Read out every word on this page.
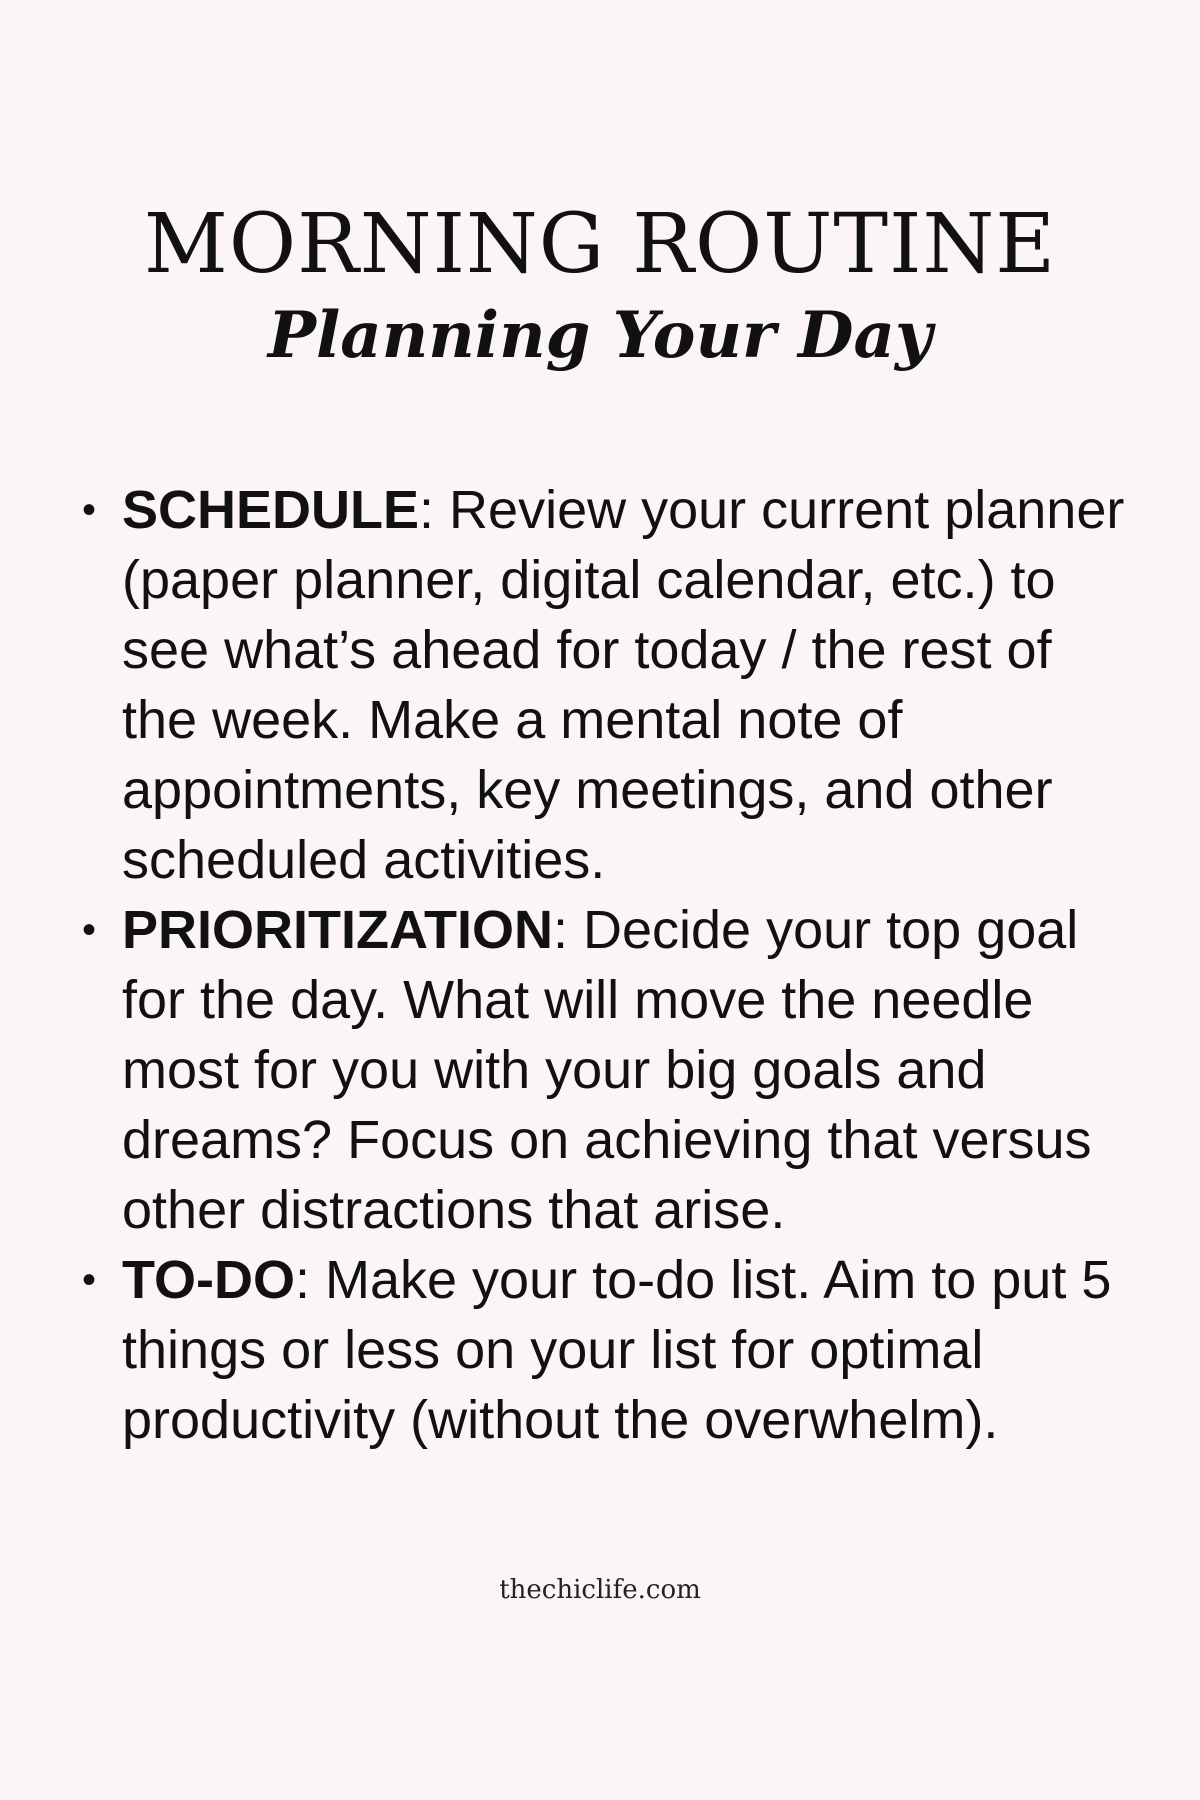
MORNING ROUTINE
Planning Your Day
• SCHEDULE: Review your current planner (paper planner, digital calendar, etc.) to see what’s ahead for today / the rest of the week. Make a mental note of appointments, key meetings, and other scheduled activities.
• PRIORITIZATION: Decide your top goal for the day. What will move the needle most for you with your big goals and dreams? Focus on achieving that versus other distractions that arise.
• TO-DO: Make your to-do list. Aim to put 5 things or less on your list for optimal productivity (without the overwhelm).
thechiclife.com
